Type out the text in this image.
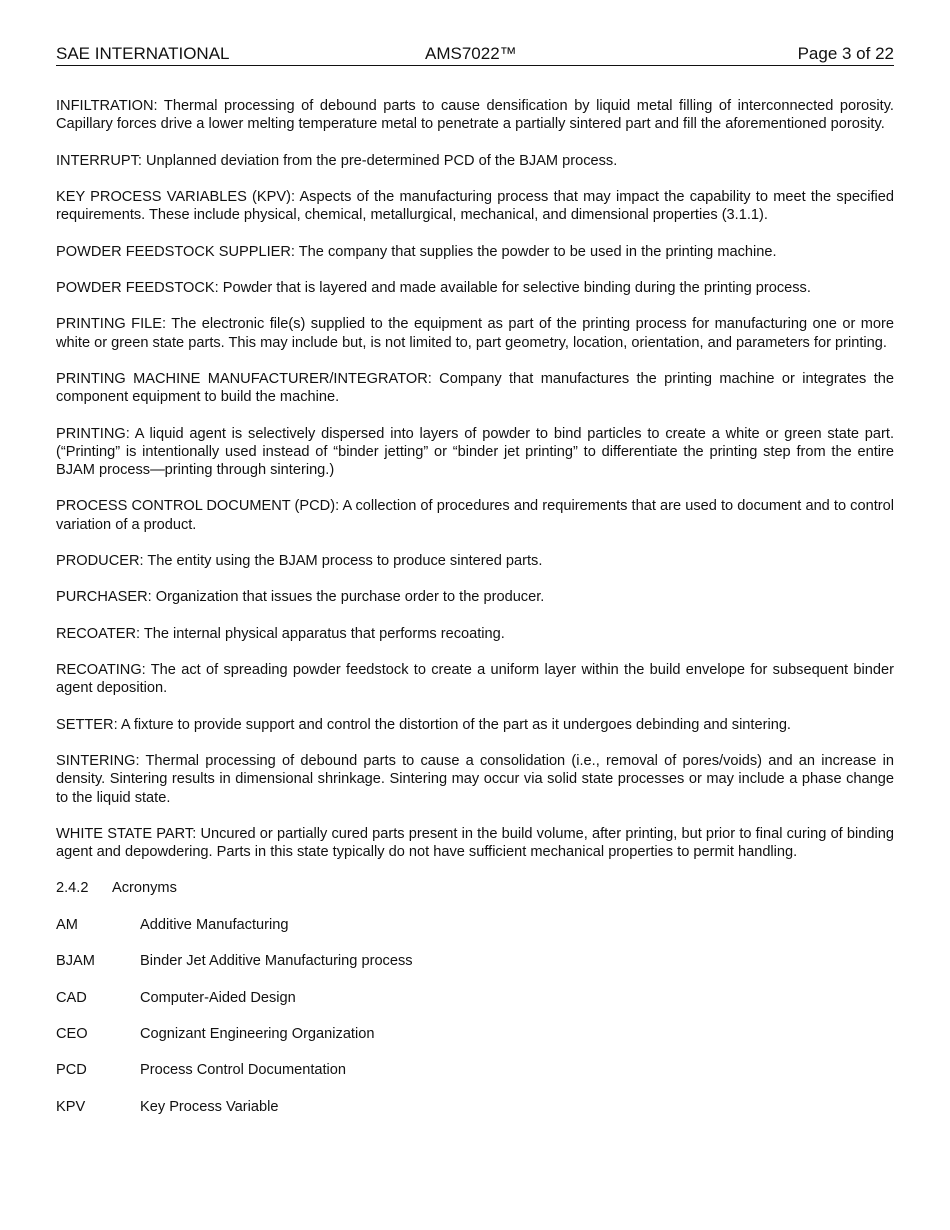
SAE INTERNATIONAL	AMS7022™	Page 3 of 22

INFILTRATION: Thermal processing of debound parts to cause densification by liquid metal filling of interconnected porosity. Capillary forces drive a lower melting temperature metal to penetrate a partially sintered part and fill the aforementioned porosity.

INTERRUPT: Unplanned deviation from the pre-determined PCD of the BJAM process.

KEY PROCESS VARIABLES (KPV): Aspects of the manufacturing process that may impact the capability to meet the specified requirements. These include physical, chemical, metallurgical, mechanical, and dimensional properties (3.1.1).

POWDER FEEDSTOCK SUPPLIER: The company that supplies the powder to be used in the printing machine.

POWDER FEEDSTOCK: Powder that is layered and made available for selective binding during the printing process.

PRINTING FILE: The electronic file(s) supplied to the equipment as part of the printing process for manufacturing one or more white or green state parts. This may include but, is not limited to, part geometry, location, orientation, and parameters for printing.

PRINTING MACHINE MANUFACTURER/INTEGRATOR: Company that manufactures the printing machine or integrates the component equipment to build the machine.

PRINTING: A liquid agent is selectively dispersed into layers of powder to bind particles to create a white or green state part. (“Printing” is intentionally used instead of “binder jetting” or “binder jet printing” to differentiate the printing step from the entire BJAM process—printing through sintering.)

PROCESS CONTROL DOCUMENT (PCD): A collection of procedures and requirements that are used to document and to control variation of a product.

PRODUCER: The entity using the BJAM process to produce sintered parts.

PURCHASER: Organization that issues the purchase order to the producer.

RECOATER: The internal physical apparatus that performs recoating.

RECOATING: The act of spreading powder feedstock to create a uniform layer within the build envelope for subsequent binder agent deposition.

SETTER: A fixture to provide support and control the distortion of the part as it undergoes debinding and sintering.

SINTERING: Thermal processing of debound parts to cause a consolidation (i.e., removal of pores/voids) and an increase in density. Sintering results in dimensional shrinkage. Sintering may occur via solid state processes or may include a phase change to the liquid state.

WHITE STATE PART: Uncured or partially cured parts present in the build volume, after printing, but prior to final curing of binding agent and depowdering. Parts in this state typically do not have sufficient mechanical properties to permit handling.

2.4.2 Acronyms
AM	Additive Manufacturing
BJAM	Binder Jet Additive Manufacturing process
CAD	Computer-Aided Design
CEO	Cognizant Engineering Organization
PCD	Process Control Documentation
KPV	Key Process Variable
